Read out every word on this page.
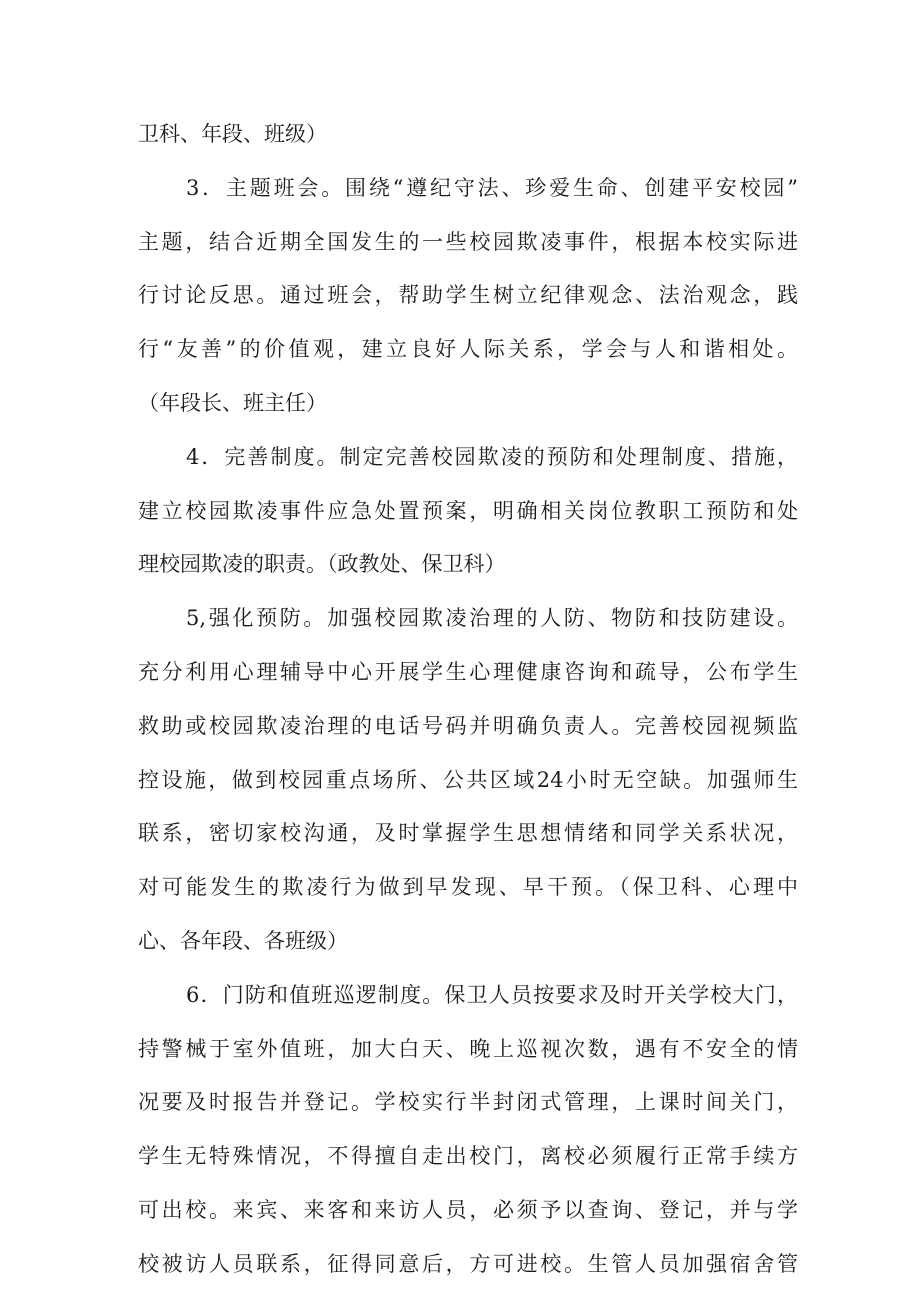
卫科、年段、班级）
3．主题班会。围绕“遵纪守法、珍爱生命、创建平安校园”
主题，结合近期全国发生的一些校园欺凌事件，根据本校实际进
行讨论反思。通过班会，帮助学生树立纪律观念、法治观念，践
行“友善”的价值观，建立良好人际关系，学会与人和谐相处。
（年段长、班主任）
4．完善制度。制定完善校园欺凌的预防和处理制度、措施，
建立校园欺凌事件应急处置预案，明确相关岗位教职工预防和处
理校园欺凌的职责。（政教处、保卫科）
5,强化预防。加强校园欺凌治理的人防、物防和技防建设。
充分利用心理辅导中心开展学生心理健康咨询和疏导，公布学生
救助或校园欺凌治理的电话号码并明确负责人。完善校园视频监
控设施，做到校园重点场所、公共区域24小时无空缺。加强师生
联系，密切家校沟通，及时掌握学生思想情绪和同学关系状况，
对可能发生的欺凌行为做到早发现、早干预。（保卫科、心理中
心、各年段、各班级）
6．门防和值班巡逻制度。保卫人员按要求及时开关学校大门，
持警械于室外值班，加大白天、晚上巡视次数，遇有不安全的情
况要及时报告并登记。学校实行半封闭式管理，上课时间关门，
学生无特殊情况，不得擅自走出校门，离校必须履行正常手续方
可出校。来宾、来客和来访人员，必须予以查询、登记，并与学
校被访人员联系，征得同意后，方可进校。生管人员加强宿舍管
